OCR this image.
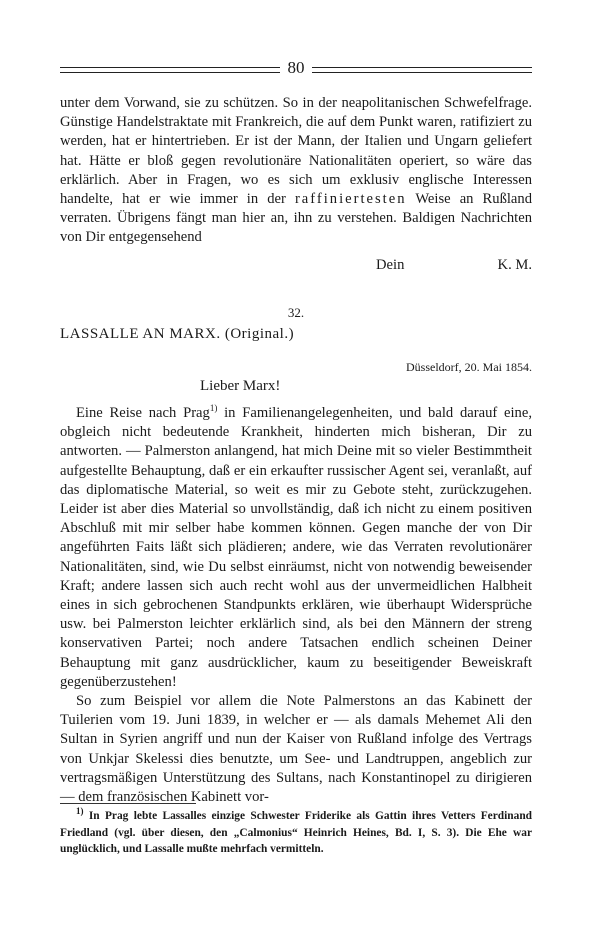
80

unter dem Vorwand, sie zu schützen. So in der neapolitanischen Schwefelfrage. Günstige Handelstraktate mit Frankreich, die auf dem Punkt waren, ratifiziert zu werden, hat er hintertrieben. Er ist der Mann, der Italien und Ungarn geliefert hat. Hätte er bloß gegen revolutionäre Nationalitäten operiert, so wäre das erklärlich. Aber in Fragen, wo es sich um exklusiv englische Interessen handelte, hat er wie immer in der raffiniertesten Weise an Rußland verraten. Übrigens fängt man hier an, ihn zu verstehen. Baldigen Nachrichten von Dir entgegensehend

Dein	K. M.
32.
LASSALLE AN MARX. (Original.)
Düsseldorf, 20. Mai 1854.
Lieber Marx!

Eine Reise nach Prag$^{1)}$ in Familienangelegenheiten, und bald darauf eine, obgleich nicht bedeutende Krankheit, hinderten mich bisheran, Dir zu antworten. — Palmerston anlangend, hat mich Deine mit so vieler Bestimmtheit aufgestellte Behauptung, daß er ein erkaufter russischer Agent sei, veranlaßt, auf das diplomatische Material, so weit es mir zu Gebote steht, zurückzugehen. Leider ist aber dies Material so unvollständig, daß ich nicht zu einem positiven Abschluß mit mir selber habe kommen können. Gegen manche der von Dir angeführten Faits läßt sich plädieren; andere, wie das Verraten revolutionärer Nationalitäten, sind, wie Du selbst einräumst, nicht von notwendig beweisender Kraft; andere lassen sich auch recht wohl aus der unvermeidlichen Halbheit eines in sich gebrochenen Standpunkts erklären, wie überhaupt Widersprüche usw. bei Palmerston leichter erklärlich sind, als bei den Männern der streng konservativen Partei; noch andere Tatsachen endlich scheinen Deiner Behauptung mit ganz ausdrücklicher, kaum zu beseitigender Beweiskraft gegenüberzustehen!

So zum Beispiel vor allem die Note Palmerstons an das Kabinett der Tuilerien vom 19. Juni 1839, in welcher er — als damals Mehemet Ali den Sultan in Syrien angriff und nun der Kaiser von Rußland infolge des Vertrags von Unkjar Skelessi dies benutzte, um See- und Landtruppen, angeblich zur vertragsmäßigen Unterstützung des Sultans, nach Konstantinopel zu dirigieren — dem französischen Kabinett vor-

$^{1)}$ In Prag lebte Lassalles einzige Schwester Friderike als Gattin ihres Vetters Ferdinand Friedland (vgl. über diesen, den „Calmonius“ Heinrich Heines, Bd. I, S. 3). Die Ehe war unglücklich, und Lassalle mußte mehrfach vermitteln.
